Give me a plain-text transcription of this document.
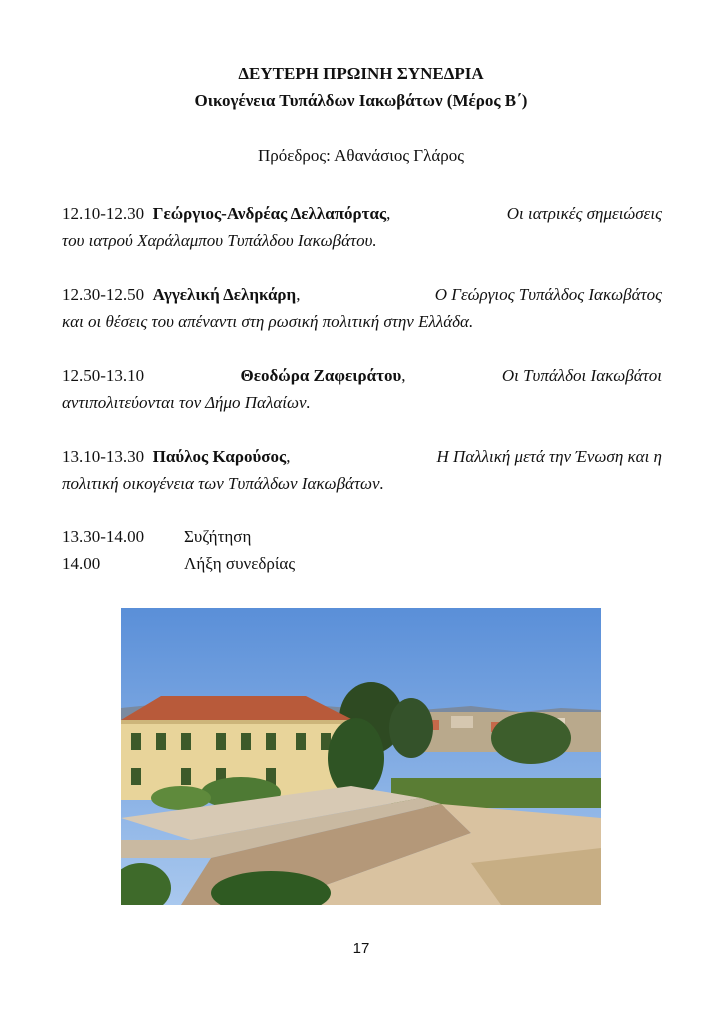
ΔΕΥΤΕΡΗ ΠΡΩΙΝΗ ΣΥΝΕΔΡΙΑ
Οικογένεια Τυπάλδων Ιακωβάτων (Μέρος Β΄)
Πρόεδρος: Αθανάσιος Γλάρος
12.10-12.30 Γεώργιος-Ανδρέας Δελλαπόρτας,	Οι ιατρικές σημειώσεις
του ιατρού Χαράλαμπου Τυπάλδου Ιακωβάτου.
12.30-12.50 Αγγελική Δεληκάρη,	Ο Γεώργιος Τυπάλδος Ιακωβάτος
και οι θέσεις του απέναντι στη ρωσική πολιτική στην Ελλάδα.
12.50-13.10	Θεοδώρα Ζαφειράτου,	Οι Τυπάλδοι Ιακωβάτοι
αντιπολιτεύονται τον Δήμο Παλαίων.
13.10-13.30 Παύλος Καρούσος,	Η Παλλική μετά την Ένωση και η
πολιτική οικογένεια των Τυπάλδων Ιακωβάτων.
13.30-14.00 Συζήτηση
14.00	Λήξη συνεδρίας
17
